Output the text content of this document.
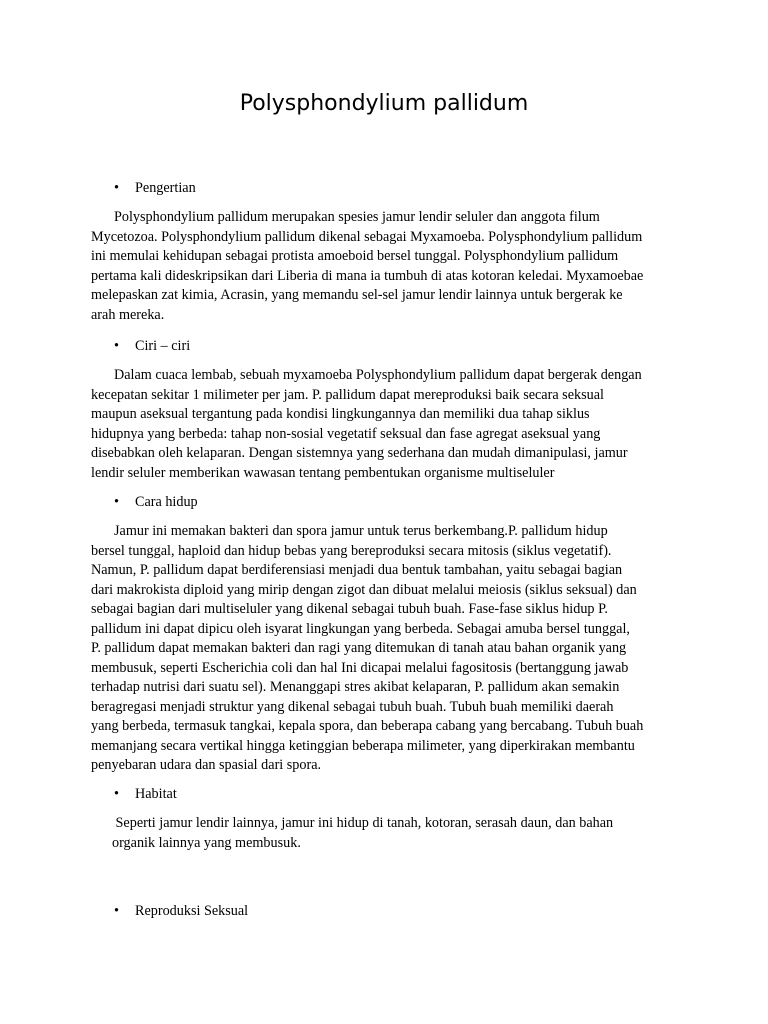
Polysphondylium pallidum
• Pengertian
Polysphondylium pallidum merupakan spesies jamur lendir seluler dan anggota filum
Mycetozoa. Polysphondylium pallidum dikenal sebagai Myxamoeba. Polysphondylium pallidum
ini memulai kehidupan sebagai protista amoeboid bersel tunggal. Polysphondylium pallidum
pertama kali dideskripsikan dari Liberia di mana ia tumbuh di atas kotoran keledai. Myxamoebae
melepaskan zat kimia, Acrasin, yang memandu sel-sel jamur lendir lainnya untuk bergerak ke
arah mereka.
• Ciri – ciri
Dalam cuaca lembab, sebuah myxamoeba Polysphondylium pallidum dapat bergerak dengan
kecepatan sekitar 1 milimeter per jam. P. pallidum dapat mereproduksi baik secara seksual
maupun aseksual tergantung pada kondisi lingkungannya dan memiliki dua tahap siklus
hidupnya yang berbeda: tahap non-sosial vegetatif seksual dan fase agregat aseksual yang
disebabkan oleh kelaparan. Dengan sistemnya yang sederhana dan mudah dimanipulasi, jamur
lendir seluler memberikan wawasan tentang pembentukan organisme multiseluler
• Cara hidup
Jamur ini memakan bakteri dan spora jamur untuk terus berkembang.P. pallidum hidup
bersel tunggal, haploid dan hidup bebas yang bereproduksi secara mitosis (siklus vegetatif).
Namun, P. pallidum dapat berdiferensiasi menjadi dua bentuk tambahan, yaitu sebagai bagian
dari makrokista diploid yang mirip dengan zigot dan dibuat melalui meiosis (siklus seksual) dan
sebagai bagian dari multiseluler yang dikenal sebagai tubuh buah. Fase-fase siklus hidup P.
pallidum ini dapat dipicu oleh isyarat lingkungan yang berbeda. Sebagai amuba bersel tunggal,
P. pallidum dapat memakan bakteri dan ragi yang ditemukan di tanah atau bahan organik yang
membusuk, seperti Escherichia coli dan hal Ini dicapai melalui fagositosis (bertanggung jawab
terhadap nutrisi dari suatu sel). Menanggapi stres akibat kelaparan, P. pallidum akan semakin
beragregasi menjadi struktur yang dikenal sebagai tubuh buah. Tubuh buah memiliki daerah
yang berbeda, termasuk tangkai, kepala spora, dan beberapa cabang yang bercabang. Tubuh buah
memanjang secara vertikal hingga ketinggian beberapa milimeter, yang diperkirakan membantu
penyebaran udara dan spasial dari spora.
• Habitat
Seperti jamur lendir lainnya, jamur ini hidup di tanah, kotoran, serasah daun, dan bahan
organik lainnya yang membusuk.
• Reproduksi Seksual
